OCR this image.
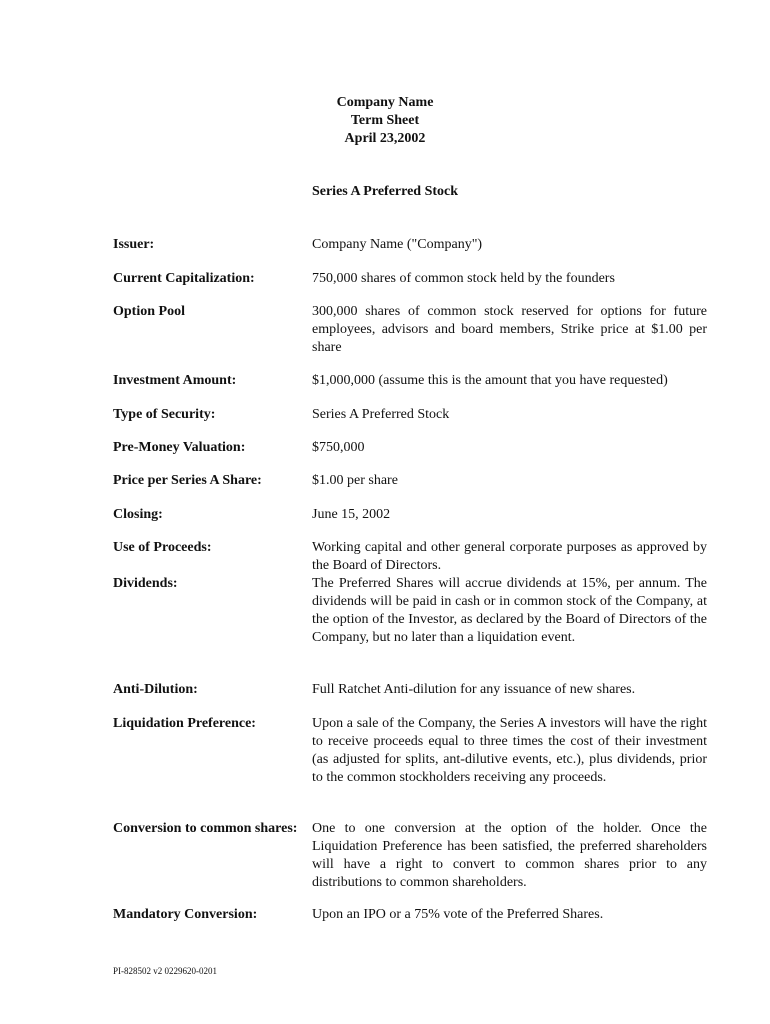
Company Name
Term Sheet
April 23,2002
Series A Preferred Stock
Issuer:	Company Name ("Company")
Current Capitalization:	750,000 shares of common stock held by the founders
Option Pool	300,000 shares of common stock reserved for options for future employees, advisors and board members, Strike price at $1.00 per share
Investment Amount:	$1,000,000 (assume this is the amount that you have requested)
Type of Security:	Series A Preferred Stock
Pre-Money Valuation:	$750,000
Price per Series A Share:	$1.00 per share
Closing:	June 15, 2002
Use of Proceeds:	Working capital and other general corporate purposes as approved by the Board of Directors.
Dividends:	The Preferred Shares will accrue dividends at 15%, per annum. The dividends will be paid in cash or in common stock of the Company, at the option of the Investor, as declared by the Board of Directors of the Company, but no later than a liquidation event.
Anti-Dilution:	Full Ratchet Anti-dilution for any issuance of new shares.
Liquidation Preference:	Upon a sale of the Company, the Series A investors will have the right to receive proceeds equal to three times the cost of their investment (as adjusted for splits, ant-dilutive events, etc.), plus dividends, prior to the common stockholders receiving any proceeds.
Conversion to common shares:	One to one conversion at the option of the holder. Once the Liquidation Preference has been satisfied, the preferred shareholders will have a right to convert to common shares prior to any distributions to common shareholders.
Mandatory Conversion:	Upon an IPO or a 75% vote of the Preferred Shares.
PI-828502 v2 0229620-0201
